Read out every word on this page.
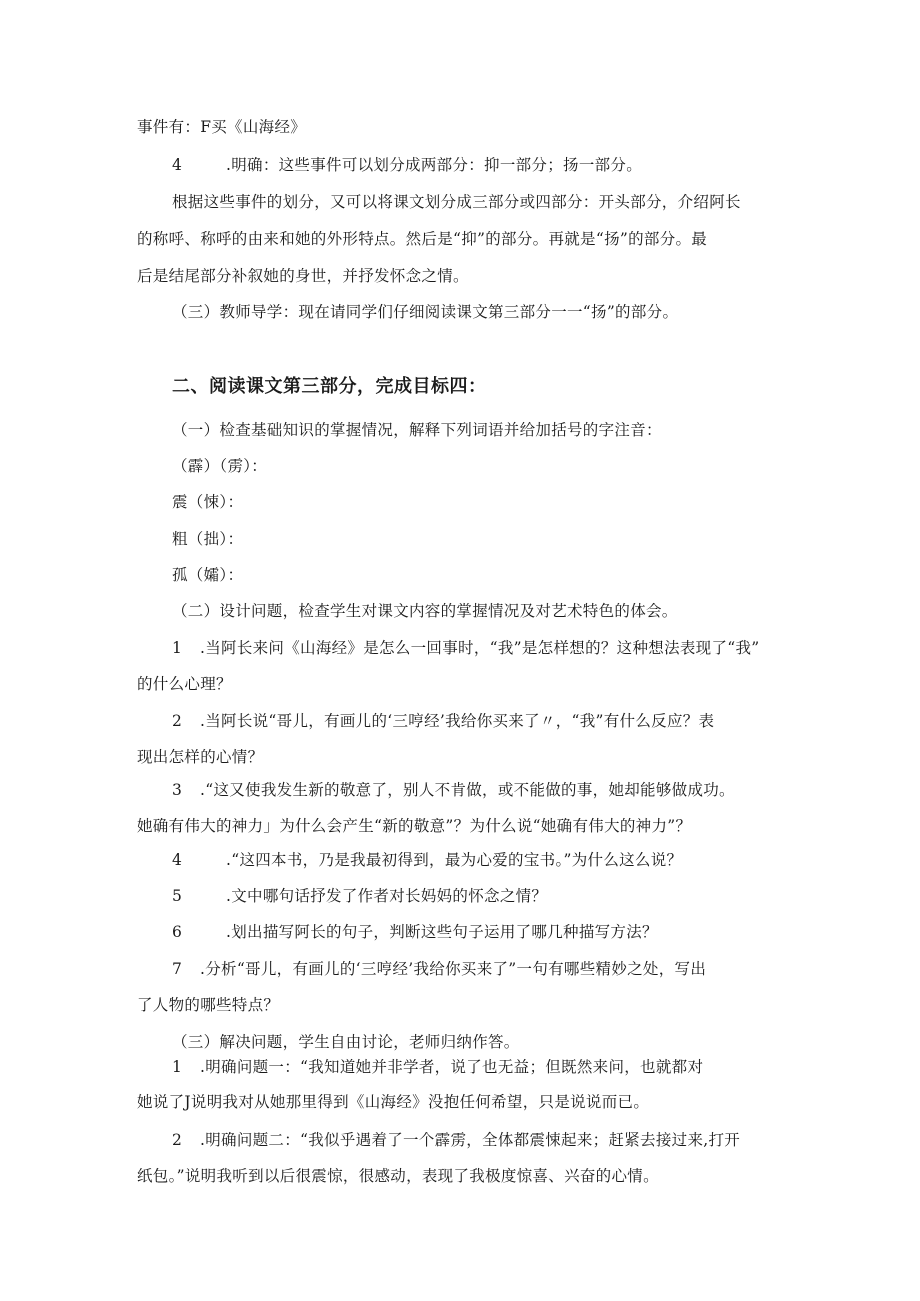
事件有：F买《山海经》
4	.明确：这些事件可以划分成两部分：抑一部分；扬一部分。
根据这些事件的划分，又可以将课文划分成三部分或四部分：开头部分，介绍阿长
的称呼、称呼的由来和她的外形特点。然后是“抑”的部分。再就是“扬”的部分。最
后是结尾部分补叙她的身世，并抒发怀念之情。
（三）教师导学：现在请同学们仔细阅读课文第三部分一一“扬”的部分。
二、阅读课文第三部分，完成目标四：
（一）检查基础知识的掌握情况，解释下列词语并给加括号的字注音：
（霹）（雳）：
震（悚）：
粗（拙）：
孤（孀）：
（二）设计问题，检查学生对课文内容的掌握情况及对艺术特色的体会。
1 .当阿长来问《山海经》是怎么一回事时，“我”是怎样想的？这种想法表现了“我”
的什么心理？
2 .当阿长说“哥儿，有画儿的‘三哼经’我给你买来了〃，“我”有什么反应？表
现出怎样的心情？
3 .“这又使我发生新的敬意了，别人不肯做，或不能做的事，她却能够做成功。
她确有伟大的神力」为什么会产生“新的敬意”？为什么说“她确有伟大的神力”？
4	.“这四本书，乃是我最初得到，最为心爱的宝书。”为什么这么说？
5	.文中哪句话抒发了作者对长妈妈的怀念之情？
6	.划出描写阿长的句子，判断这些句子运用了哪几种描写方法？
7 .分析“哥儿，有画儿的‘三哼经’我给你买来了”一句有哪些精妙之处，写出
了人物的哪些特点？
（三）解决问题，学生自由讨论，老师归纳作答。
1 .明确问题一：“我知道她并非学者，说了也无益；但既然来问，也就都对
她说了J说明我对从她那里得到《山海经》没抱任何希望，只是说说而已。
2 .明确问题二：“我似乎遇着了一个霹雳，全体都震悚起来；赶紧去接过来,打开
纸包。”说明我听到以后很震惊，很感动，表现了我极度惊喜、兴奋的心情。
